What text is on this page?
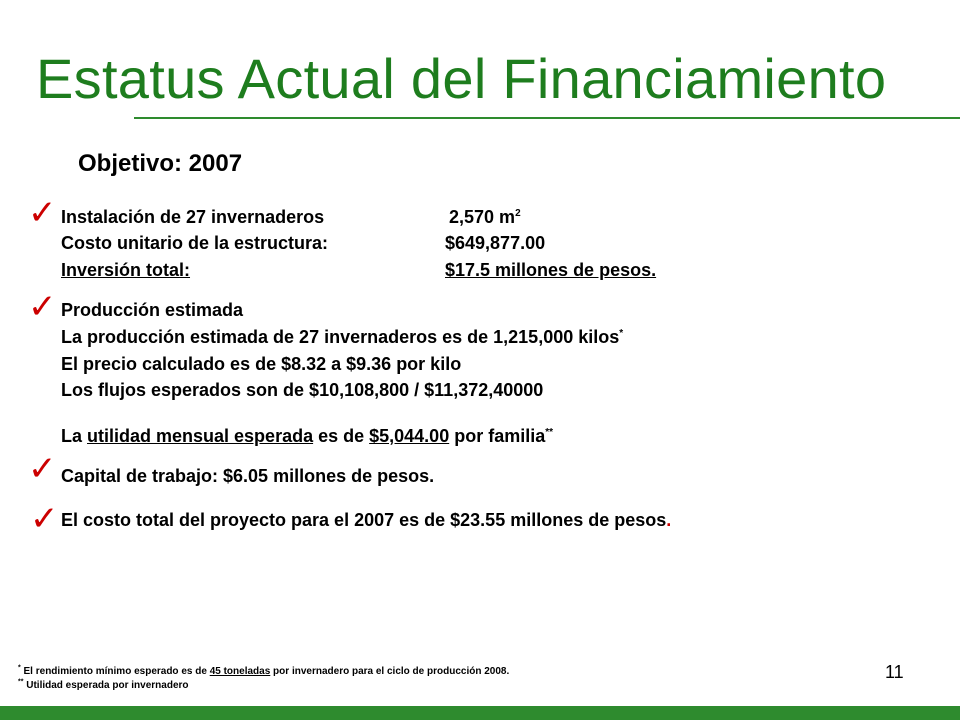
Estatus Actual del Financiamiento
Objetivo: 2007
✓ Instalación de 27 invernaderos	2,570 $m^2$
Costo unitario de la estructura:	$649,877.00
Inversión total:	$17.5 millones de pesos.
✓ Producción estimada
La producción estimada de 27 invernaderos es de 1,215,000 kilos*
El precio calculado es de $8.32 a $9.36 por kilo
Los flujos esperados son de $10,108,800 / $11,372,40000
La utilidad mensual esperada es de $5,044.00 por familia**
✓ Capital de trabajo: $6.05 millones de pesos.
✓ El costo total del proyecto para el 2007 es de $23.55 millones de pesos.
* El rendimiento mínimo esperado es de 45 toneladas por invernadero para el ciclo de producción 2008.
** Utilidad esperada por invernadero
11
